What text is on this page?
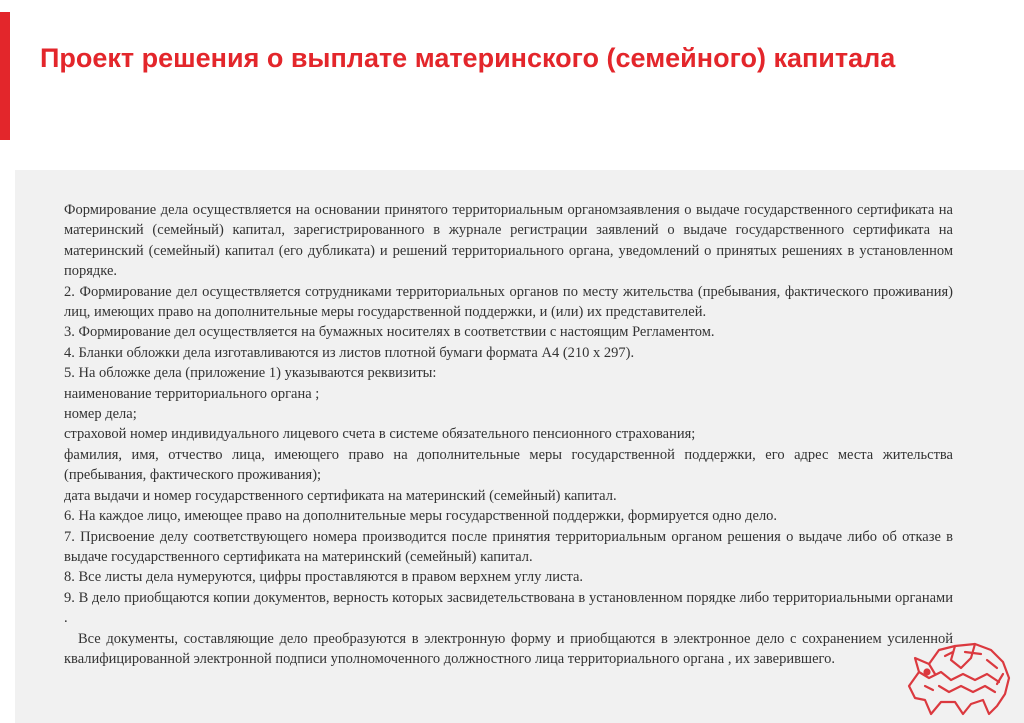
Проект решения о выплате материнского (семейного) капитала

Формирование дела осуществляется на основании принятого территориальным органомзаявления о выдаче государственного сертификата на материнский (семейный) капитал, зарегистрированного в журнале регистрации заявлений о выдаче государственного сертификата на материнский (семейный) капитал (его дубликата) и решений территориального органа, уведомлений о принятых решениях в установленном порядке.

2. Формирование дел осуществляется сотрудниками территориальных органов по месту жительства (пребывания, фактического проживания) лиц, имеющих право на дополнительные меры государственной поддержки, и (или) их представителей.

3. Формирование дел осуществляется на бумажных носителях в соответствии с настоящим Регламентом.

4. Бланки обложки дела изготавливаются из листов плотной бумаги формата А4 (210 х 297).

5. На обложке дела (приложение 1) указываются реквизиты:

наименование территориального органа ;

номер дела;

страховой номер индивидуального лицевого счета в системе обязательного пенсионного страхования;

фамилия, имя, отчество лица, имеющего право на дополнительные меры государственной поддержки, его адрес места жительства (пребывания, фактического проживания);

дата выдачи и номер государственного сертификата на материнский (семейный) капитал.

6. На каждое лицо, имеющее право на дополнительные меры государственной поддержки, формируется одно дело.

7. Присвоение делу соответствующего номера производится после принятия территориальным органом решения о выдаче либо об отказе в выдаче государственного сертификата на материнский (семейный) капитал.

8. Все листы дела нумеруются, цифры проставляются в правом верхнем углу листа.

9. В дело приобщаются копии документов, верность которых засвидетельствована в установленном порядке либо территориальными органами .

Все документы, составляющие дело преобразуются в электронную форму и приобщаются в электронное дело с сохранением усиленной квалифицированной электронной подписи уполномоченного должностного лица территориального органа , их заверившего.
